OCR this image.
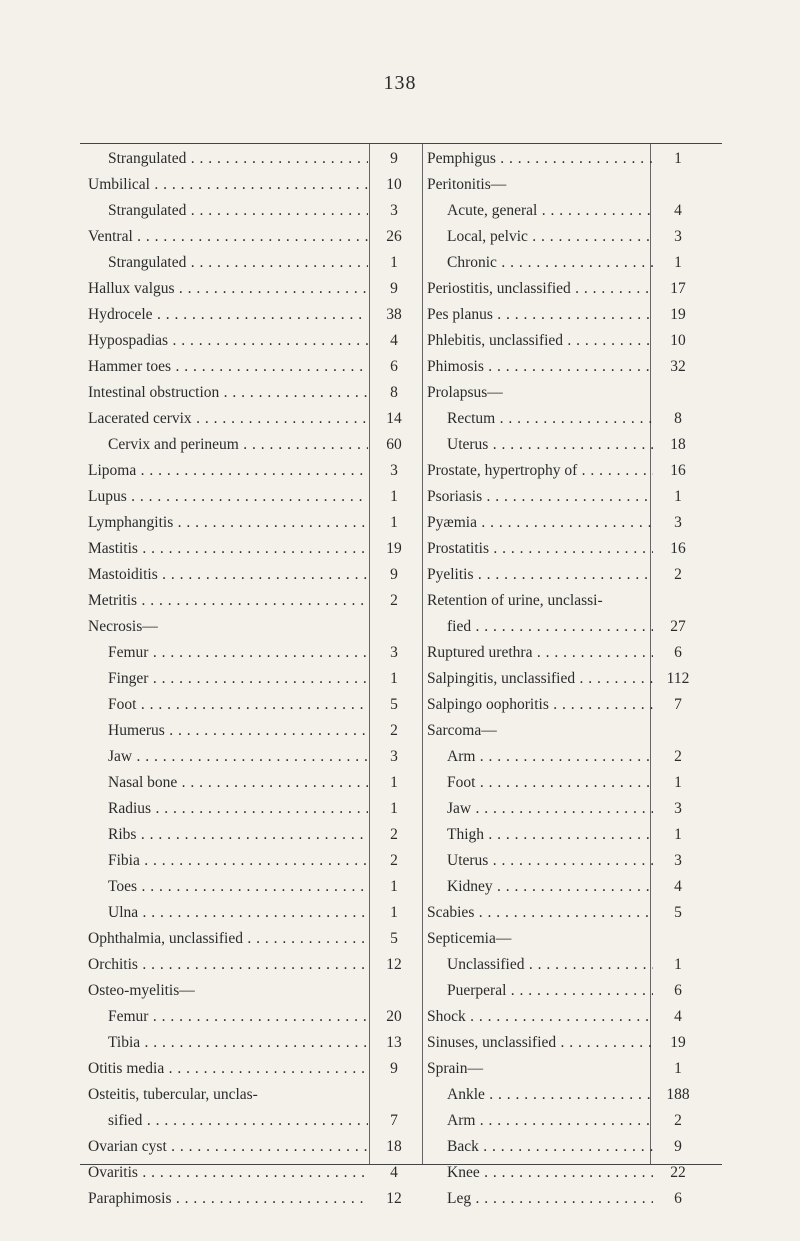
138
Strangulated . . .	9
Umbilical . . .	10
Strangulated . . .	3
Ventral . . .	26
Strangulated . . .	1
Hallux valgus . . .	9
Hydrocele . . .	38
Hypospadias . . .	4
Hammer toes . . .	6
Intestinal obstruction . . .	8
Lacerated cervix . . .	14
Cervix and perineum . . .	60
Lipoma . . .	3
Lupus . . .	1
Lymphangitis . . .	1
Mastitis . . .	19
Mastoiditis . . .	9
Metritis . . .	2
Necrosis—
Femur . . .	3
Finger . . .	1
Foot . . .	5
Humerus . . .	2
Jaw . . .	3
Nasal bone . . .	1
Radius . . .	1
Ribs . . .	2
Fibia . . .	2
Toes . . .	1
Ulna . . .	1
Ophthalmia, unclassified . . .	5
Orchitis . . .	12
Osteo-myelitis—
Femur . . .	20
Tibia . . .	13
Otitis media . . .	9
Osteitis, tubercular, unclas-
sified . . .	7
Ovarian cyst . . .	18
Ovaritis . . .	4
Paraphimosis . . .	12
Pemphigus . . .	1
Peritonitis—
Acute, general . . .	4
Local, pelvic . . .	3
Chronic . . .	1
Periostitis, unclassified . . .	17
Pes planus . . .	19
Phlebitis, unclassified . . .	10
Phimosis . . .	32
Prolapsus—
Rectum . . .	8
Uterus . . .	18
Prostate, hypertrophy of . . .	16
Psoriasis . . .	1
Pyæmia . . .	3
Prostatitis . . .	16
Pyelitis . . .	2
Retention of urine, unclassi-
fied . . .	27
Ruptured urethra . . .	6
Salpingitis, unclassified . . .	112
Salpingo oophoritis . . .	7
Sarcoma—
Arm . . .	2
Foot . . .	1
Jaw . . .	3
Thigh . . .	1
Uterus . . .	3
Kidney . . .	4
Scabies . . .	5
Septicemia—
Unclassified . . .	1
Puerperal . . .	6
Shock . . .	4
Sinuses, unclassified . . .	19
Sprain—	1
Ankle . . .	188
Arm . . .	2
Back . . .	9
Knee . . .	22
Leg . . .	6
